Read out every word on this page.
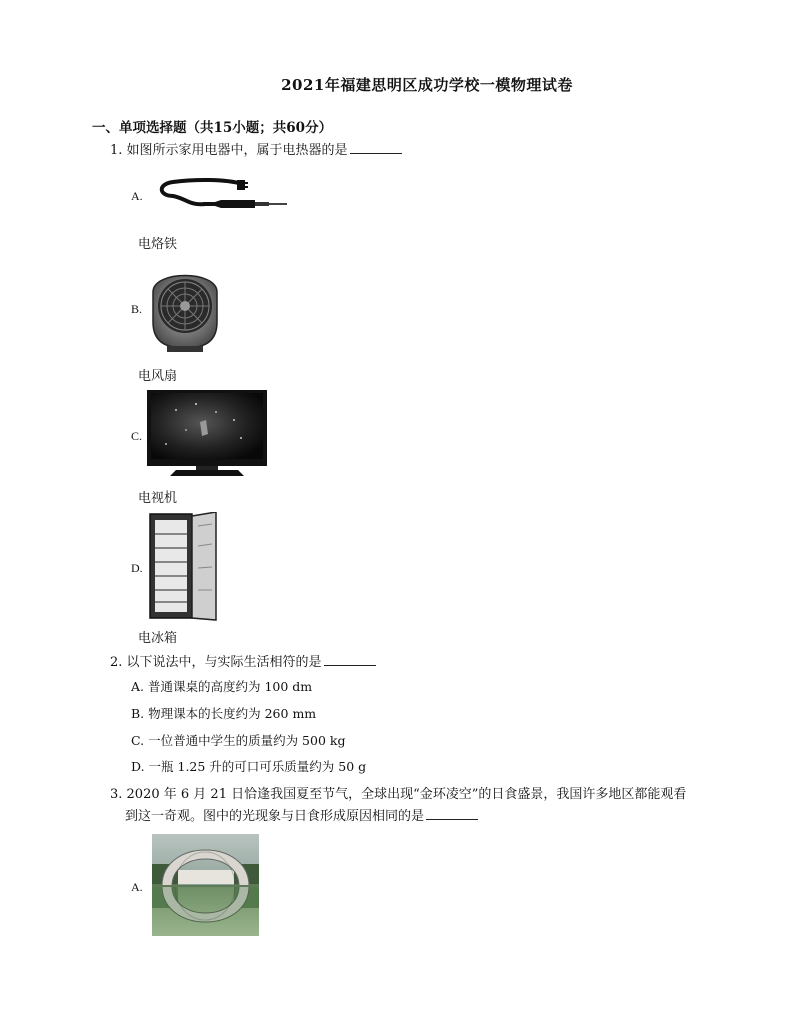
2021年福建思明区成功学校一模物理试卷
一、单项选择题（共15小题；共60分）
1. 如图所示家用电器中，属于电热器的是
A.
电烙铁
B.
电风扇
C.
电视机
D.
电冰箱
2. 以下说法中，与实际生活相符的是
A. 普通课桌的高度约为 100 dm
B. 物理课本的长度约为 260 mm
C. 一位普通中学生的质量约为 500 kg
D. 一瓶 1.25 升的可口可乐质量约为 50 g
3. 2020 年 6 月 21 日恰逢我国夏至节气，全球出现“金环凌空”的日食盛景，我国许多地区都能观看
到这一奇观。图中的光现象与日食形成原因相同的是
A.
